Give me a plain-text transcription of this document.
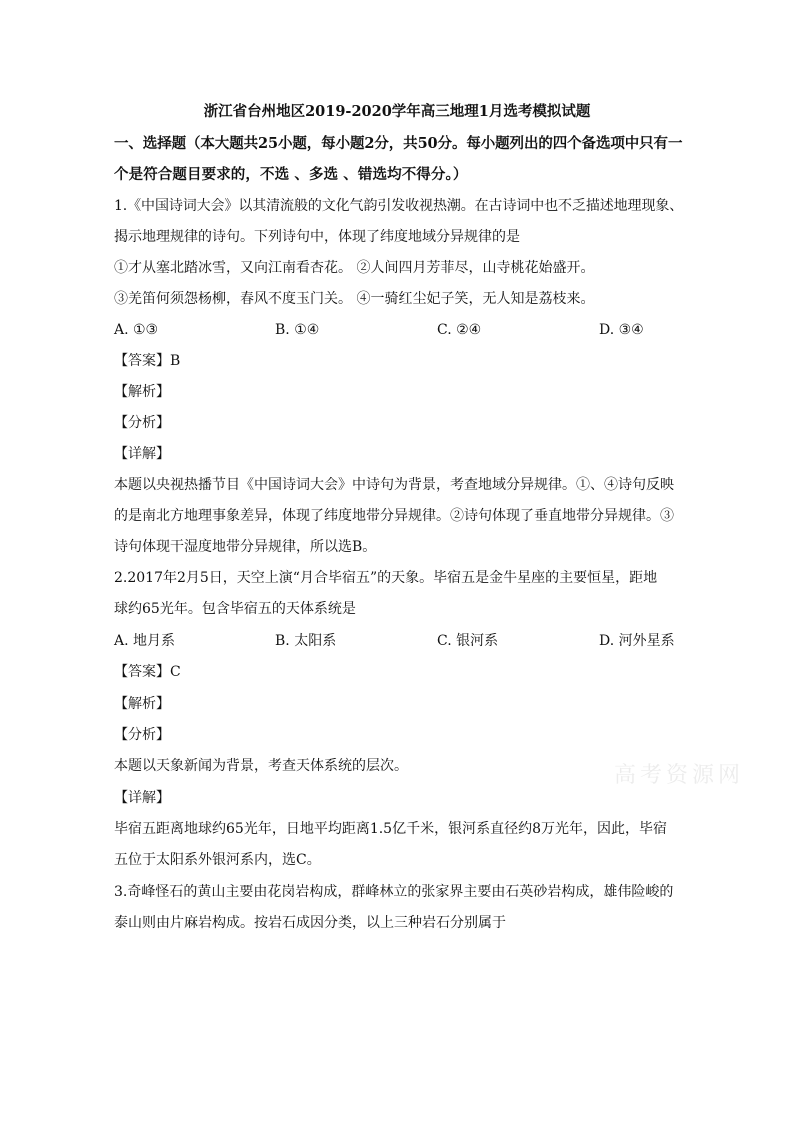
浙江省台州地区2019-2020学年高三地理1月选考模拟试题
一、选择题（本大题共25小题，每小题2分，共50分。每小题列出的四个备选项中只有一
个是符合题目要求的，不选 、多选 、错选均不得分。）
1.《中国诗词大会》以其清流般的文化气韵引发收视热潮。在古诗词中也不乏描述地理现象、
揭示地理规律的诗句。下列诗句中，体现了纬度地域分异规律的是
①才从塞北踏冰雪，又向江南看杏花。 ②人间四月芳菲尽，山寺桃花始盛开。
③羌笛何须怨杨柳，春风不度玉门关。 ④一骑红尘妃子笑，无人知是荔枝来。
A. ①③	B. ①④	C. ②④	D. ③④
【答案】B
【解析】
【分析】
【详解】
本题以央视热播节目《中国诗词大会》中诗句为背景，考查地域分异规律。①、④诗句反映
的是南北方地理事象差异，体现了纬度地带分异规律。②诗句体现了垂直地带分异规律。③
诗句体现干湿度地带分异规律，所以选B。
2.2017年2月5日，天空上演“月合毕宿五”的天象。毕宿五是金牛星座的主要恒星，距地
球约65光年。包含毕宿五的天体系统是
A. 地月系	B. 太阳系	C. 银河系	D. 河外星系
【答案】C
【解析】
【分析】
本题以天象新闻为背景，考查天体系统的层次。
【详解】
毕宿五距离地球约65光年，日地平均距离1.5亿千米，银河系直径约8万光年，因此，毕宿
五位于太阳系外银河系内，选C。
3.奇峰怪石的黄山主要由花岗岩构成，群峰林立的张家界主要由石英砂岩构成，雄伟险峻的
泰山则由片麻岩构成。按岩石成因分类，以上三种岩石分别属于
高考资源网
